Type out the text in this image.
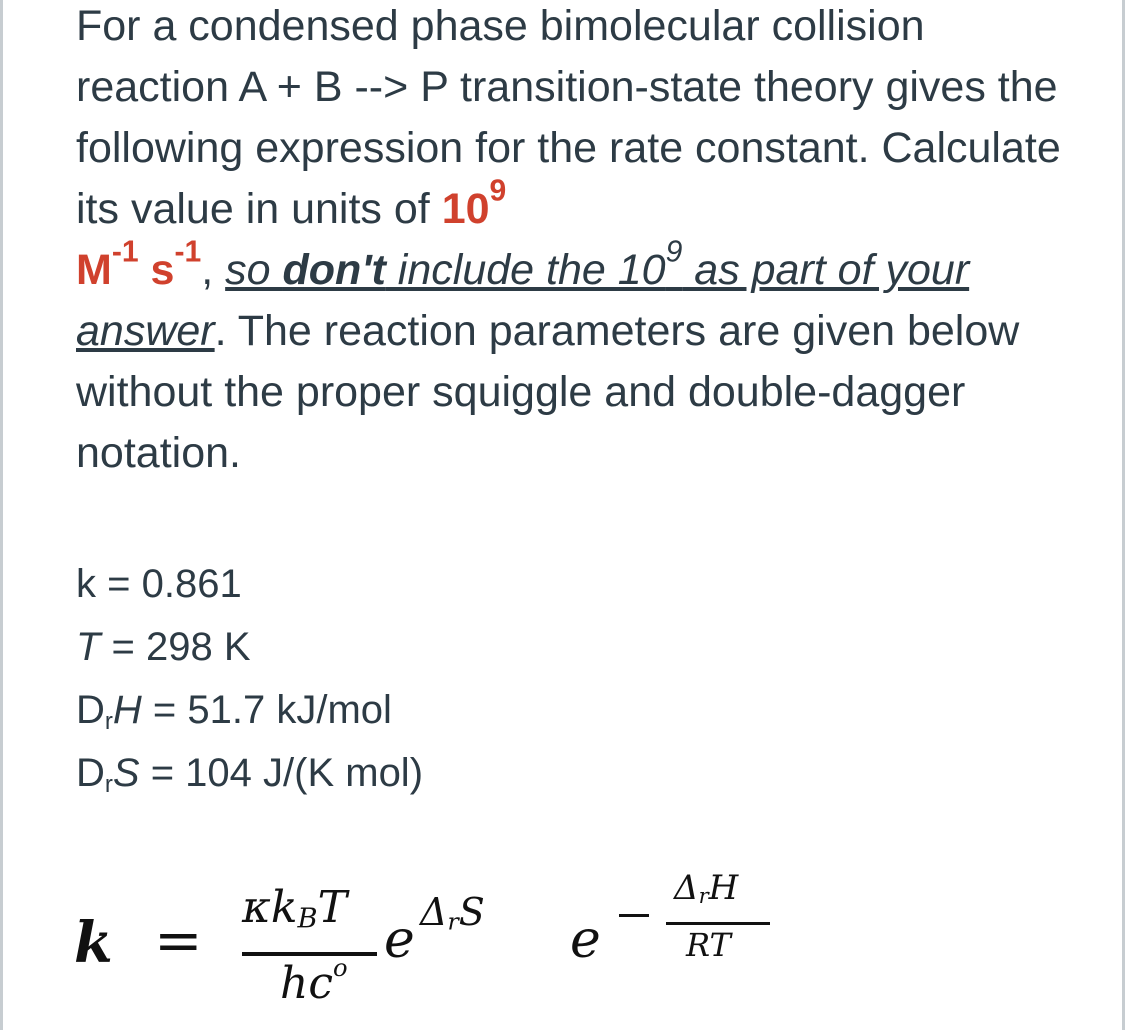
For a condensed phase bimolecular collision reaction A + B --> P transition-state theory gives the following expression for the rate constant. Calculate its value in units of $10^9$
$M^{-1}$ $s^{-1}$, so don't include the $10^9$ as part of your answer. The reaction parameters are given below without the proper squiggle and double-dagger notation.

k = 0.861
T = 298 K
$D_rH = 51.7$ kJ/mol
$D_rS = 104$ J/(K mol)
k = κkBT
$hc^o$ e ΔrS e
ΔrH
RT
